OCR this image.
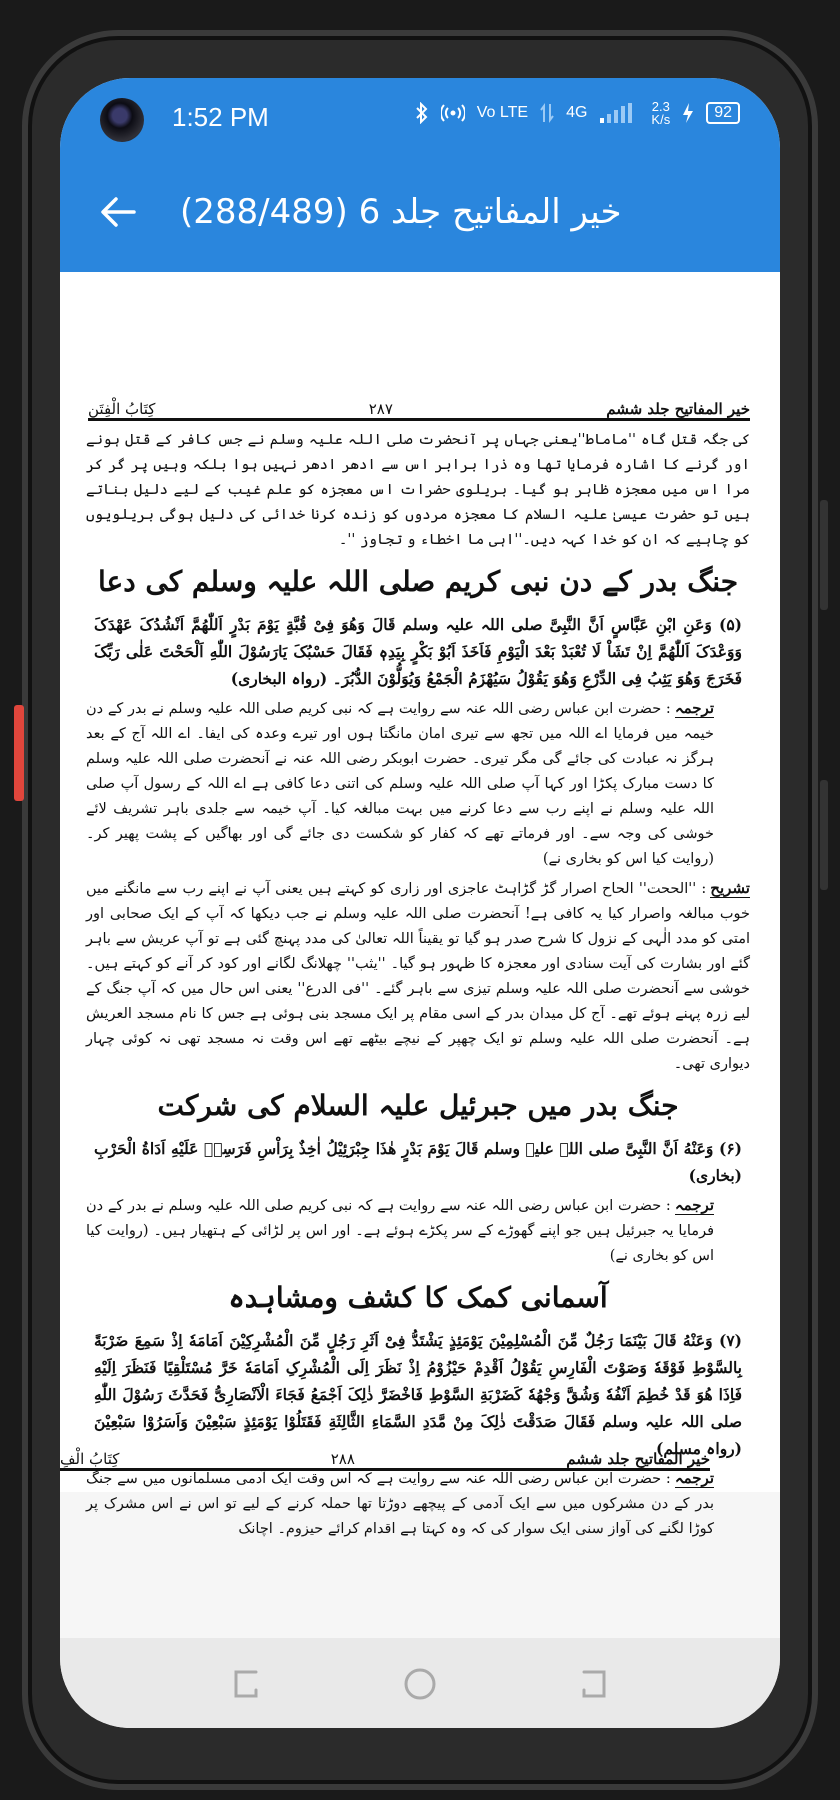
1:52 PM	Vo LTE 4G	2.3
K/s	92
خیر المفاتیح جلد 6 (288/489)
خیر المفاتیح جلد ششم
۲۸۷
کِتَابُ الْفِتَن

کی جگہ قتل گاہ ''ماماط''یعنی جہاں پر آنحضرت صلی اللہ علیہ وسلم نے جس کافر کے قتل ہونے اور گرنے کا اشارہ فرمایا تھا وہ ذرا برابر اس سے ادھر ادھر نہیں ہوا بلکہ وہیں پر گر کر مرا اس میں معجزہ ظاہر ہو گیا۔ بریلوی حضرات اس معجزہ کو علم غیب کے لیے دلیل بناتے ہیں تو حضرت عیسیٰ علیہ السلام کا معجزہ مردوں کو زندہ کرنا خدائی کی دلیل ہوگی بریلویوں کو چاہیے کہ ان کو خدا کہہ دیں۔''اہی ما اخطاء و تجاوز ''۔

جنگ بدر کے دن نبی کریم صلی اللہ علیہ وسلم کی دعا

(۵) وَعَنِ ابْنِ عَبَّاسٍ اَنَّ النَّبِیَّ صلی اللہ علیہ وسلم قَالَ وَهُوَ فِیْ قُبَّةٍ یَوْمَ بَدْرٍ اَللّٰهُمَّ اَنْشُدُکَ عَهْدَکَ وَوَعْدَکَ اَللّٰهُمَّ اِنْ تَشَاْ لَا تُعْبَدْ بَعْدَ الْیَوْمِ فَاَخَذَ اَبُوْ بَکْرٍ بِیَدِهٖ فَقَالَ حَسْبُکَ یَارَسُوْلَ اللّٰهِ اَلْحَحْتَ عَلٰی رَبِّکَ فَخَرَجَ وَهُوَ یَثِبُ فِی الدِّرْعِ وَهُوَ یَقُوْلُ سَیُهْزَمُ الْجَمْعُ وَیُوَلُّوْنَ الدُّبُرَ۔ (رواہ البخاری)

ترجمہ: حضرت ابن عباس رضی اللہ عنہ سے روایت ہے کہ نبی کریم صلی اللہ علیہ وسلم نے بدر کے دن خیمہ میں فرمایا اے اللہ میں تجھ سے تیری امان مانگتا ہوں اور تیرے وعدہ کی ایفا۔ اے اللہ آج کے بعد ہرگز نہ عبادت کی جائے گی مگر تیری۔ حضرت ابوبکر رضی اللہ عنہ نے آنحضرت صلی اللہ علیہ وسلم کا دست مبارک پکڑا اور کہا آپ صلی اللہ علیہ وسلم کی اتنی دعا کافی ہے اے اللہ کے رسول آپ صلی اللہ علیہ وسلم نے اپنے رب سے دعا کرنے میں بہت مبالغہ کیا۔ آپ خیمہ سے جلدی باہر تشریف لائے خوشی کی وجہ سے۔ اور فرماتے تھے کہ کفار کو شکست دی جائے گی اور بھاگیں کے پشت پھیر کر۔ (روایت کیا اس کو بخاری نے)

تشریح: ''الححت'' الحاح اصرار گڑ گڑاہٹ عاجزی اور زاری کو کہتے ہیں یعنی آپ نے اپنے رب سے مانگنے میں خوب مبالغہ واصرار کیا یہ کافی ہے! آنحضرت صلی اللہ علیہ وسلم نے جب دیکھا کہ آپ کے ایک صحابی اور امتی کو مدد الٰہی کے نزول کا شرح صدر ہو گیا تو یقیناً اللہ تعالیٰ کی مدد پہنچ گئی ہے تو آپ عریش سے باہر گئے اور بشارت کی آیت سنادی اور معجزہ کا ظہور ہو گیا۔ ''یثب'' چھلانگ لگانے اور کود کر آنے کو کہتے ہیں۔ خوشی سے آنحضرت صلی اللہ علیہ وسلم تیزی سے باہر گئے۔ ''فی الدرع'' یعنی اس حال میں کہ آپ جنگ کے لیے زرہ پہنے ہوئے تھے۔ آج کل میدان بدر کے اسی مقام پر ایک مسجد بنی ہوئی ہے جس کا نام مسجد العریش ہے۔ آنحضرت صلی اللہ علیہ وسلم تو ایک چھپر کے نیچے بیٹھے تھے اس وقت نہ مسجد تھی نہ کوئی چہار دیواری تھی۔

جنگ بدر میں جبرئیل علیہ السلام کی شرکت

(۶) وَعَنْهُ اَنَّ النَّبِیَّ صلی اللہ علیہ وسلم قَالَ یَوْمَ بَدْرٍ هٰذَا جِبْرَئِیْلُ اٰخِذٌ بِرَاْسِ فَرَسِهٖ عَلَیْهِ اَدَاةُ الْحَرْبِ (بخاری)

ترجمہ: حضرت ابن عباس رضی اللہ عنہ سے روایت ہے کہ نبی کریم صلی اللہ علیہ وسلم نے بدر کے دن فرمایا یہ جبرئیل ہیں جو اپنے گھوڑے کے سر پکڑے ہوئے ہے۔ اور اس پر لڑائی کے ہتھیار ہیں۔ (روایت کیا اس کو بخاری نے)

آسمانی کمک کا کشف ومشاہدہ

(۷) وَعَنْهُ قَالَ بَیْنَمَا رَجُلٌ مِّنَ الْمُسْلِمِیْنَ یَوْمَئِذٍ یَشْتَدُّ فِیْ اَثَرِ رَجُلٍ مِّنَ الْمُشْرِکِیْنَ اَمَامَهٗ اِذْ سَمِعَ ضَرْبَةً بِالسَّوْطِ فَوْقَهٗ وَصَوْتَ الْفَارِسِ یَقُوْلُ اَقْدِمْ حَیْزُوْمُ اِذْ نَظَرَ اِلَی الْمُشْرِکِ اَمَامَهٗ خَرَّ مُسْتَلْقِیًا فَنَظَرَ اِلَیْهِ فَاِذَا هُوَ قَدْ خُطِمَ اَنْفُهٗ وَشُقَّ وَجْهُهٗ کَضَرْبَةِ السَّوْطِ فَاخْضَرَّ ذٰلِکَ اَجْمَعُ فَجَاءَ الْاَنْصَارِیُّ فَحَدَّثَ رَسُوْلَ اللّٰهِ صلی اللہ علیہ وسلم فَقَالَ صَدَقْتَ ذٰلِکَ مِنْ مَّدَدِ السَّمَاءِ الثَّالِثَةِ فَقَتَلُوْا یَوْمَئِذٍ سَبْعِیْنَ وَاَسَرُوْا سَبْعِیْنَ (رواہ مسلم)

ترجمہ: حضرت ابن عباس رضی اللہ عنہ سے روایت ہے کہ اس وقت ایک آدمی مسلمانوں میں سے جنگ بدر کے دن مشرکوں میں سے ایک آدمی کے پیچھے دوڑتا تھا حملہ کرنے کے لیے تو اس نے اس مشرک پر کوڑا لگنے کی آواز سنی ایک سوار کی کہ وہ کہتا ہے اقدام کرائے حیزوم۔ اچانک

خیر المفاتیح جلد ششم
۲۸۸
کِتَابُ الْفِ
